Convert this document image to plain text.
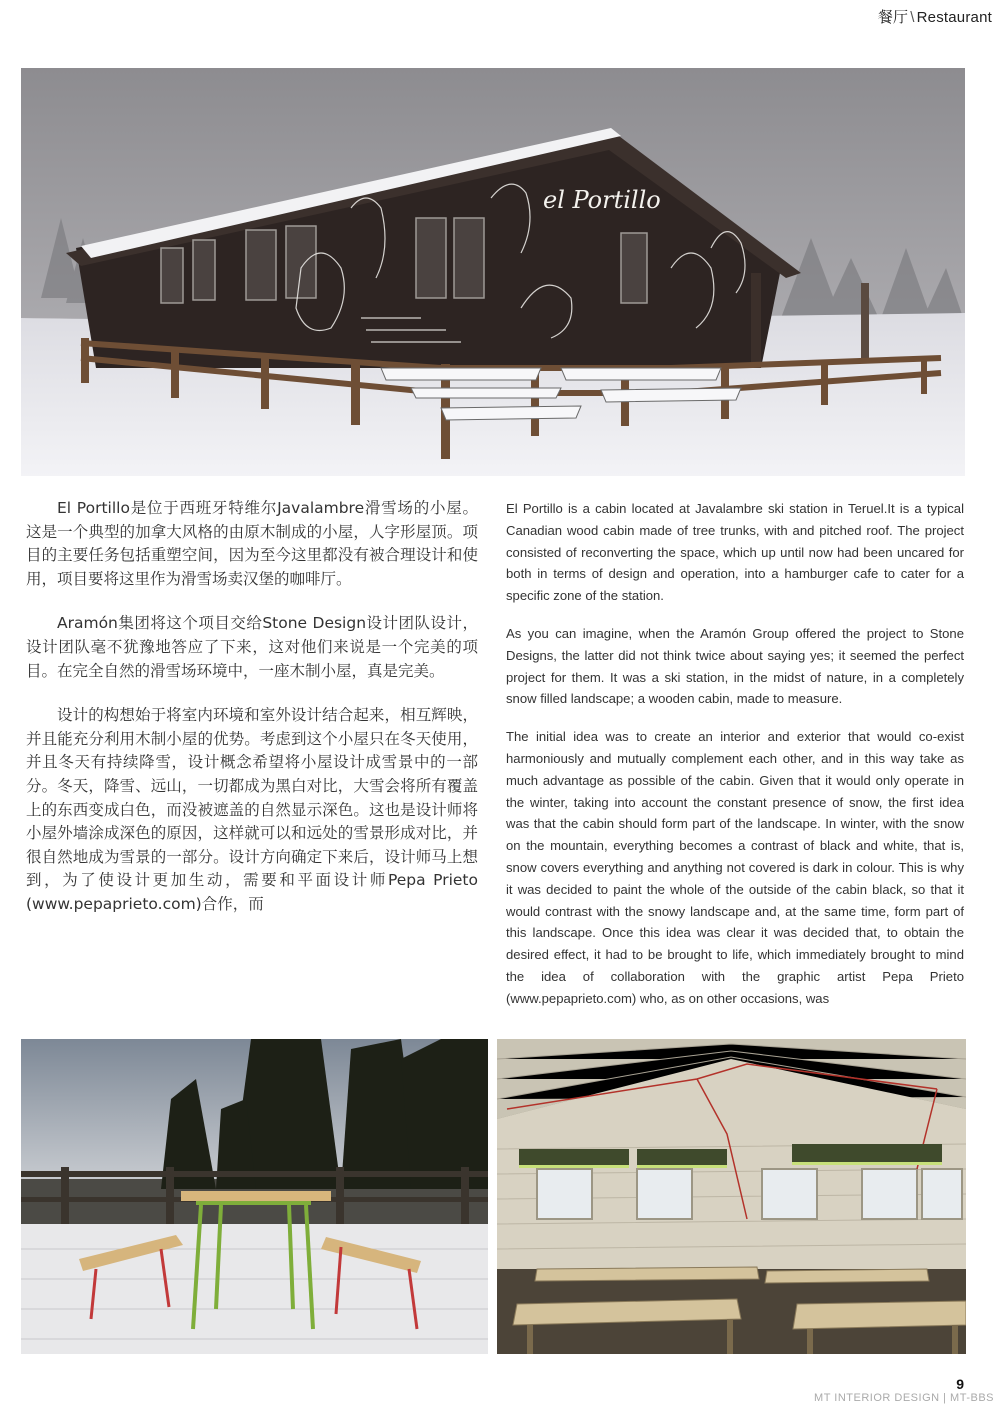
餐厅 \ Restaurant
el Portillo

El Portillo是位于西班牙特维尔Javalambre滑雪场的小屋。这是一个典型的加拿大风格的由原木制成的小屋，人字形屋顶。项目的主要任务包括重塑空间，因为至今这里都没有被合理设计和使用，项目要将这里作为滑雪场卖汉堡的咖啡厅。

Aramón集团将这个项目交给Stone Design设计团队设计，设计团队毫不犹豫地答应了下来，这对他们来说是一个完美的项目。在完全自然的滑雪场环境中，一座木制小屋，真是完美。

设计的构想始于将室内环境和室外设计结合起来，相互辉映，并且能充分利用木制小屋的优势。考虑到这个小屋只在冬天使用，并且冬天有持续降雪，设计概念希望将小屋设计成雪景中的一部分。冬天，降雪、远山，一切都成为黑白对比，大雪会将所有覆盖上的东西变成白色，而没被遮盖的自然显示深色。这也是设计师将小屋外墙涂成深色的原因，这样就可以和远处的雪景形成对比，并很自然地成为雪景的一部分。设计方向确定下来后，设计师马上想到，为了使设计更加生动，需要和平面设计师Pepa Prieto (www.pepaprieto.com)合作，而

El Portillo is a cabin located at Javalambre ski station in Teruel.It is a typical Canadian wood cabin made of tree trunks, with and pitched roof. The project consisted of reconverting the space, which up until now had been uncared for both in terms of design and operation, into a hamburger cafe to cater for a specific zone of the station.

As you can imagine, when the Aramón Group offered the project to Stone Designs, the latter did not think twice about saying yes; it seemed the perfect project for them. It was a ski station, in the midst of nature, in a completely snow filled landscape; a wooden cabin, made to measure.

The initial idea was to create an interior and exterior that would co-exist harmoniously and mutually complement each other, and in this way take as much advantage as possible of the cabin. Given that it would only operate in the winter, taking into account the constant presence of snow, the first idea was that the cabin should form part of the landscape. In winter, with the snow on the mountain, everything becomes a contrast of black and white, that is, snow covers everything and anything not covered is dark in colour. This is why it was decided to paint the whole of the outside of the cabin black, so that it would contrast with the snowy landscape and, at the same time, form part of this landscape. Once this idea was clear it was decided that, to obtain the desired effect, it had to be brought to life, which immediately brought to mind the idea of collaboration with the graphic artist Pepa Prieto (www.pepaprieto.com) who, as on other occasions, was

9
MT INTERIOR DESIGN | MT-BBS
